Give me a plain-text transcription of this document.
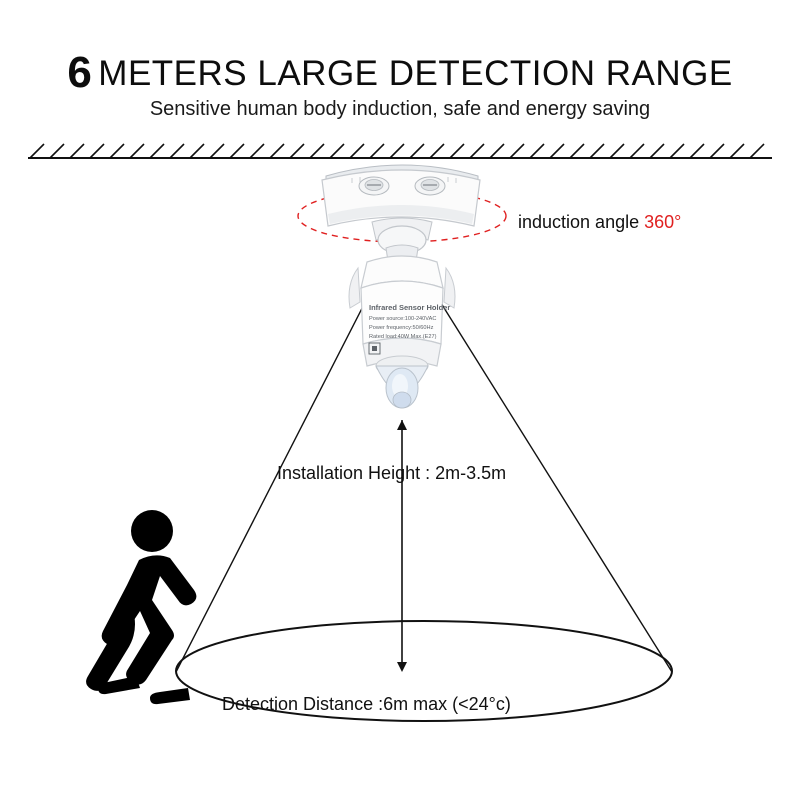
6 METERS LARGE DETECTION RANGE
Sensitive human body induction, safe and energy saving
Infrared Sensor Holder
Power source:100-240VAC
Power frequency:50/60Hz
Rated load:40W Max.(E27)
induction angle 360°
Installation Height : 2m-3.5m
Detection Distance :6m max (<24°c)
